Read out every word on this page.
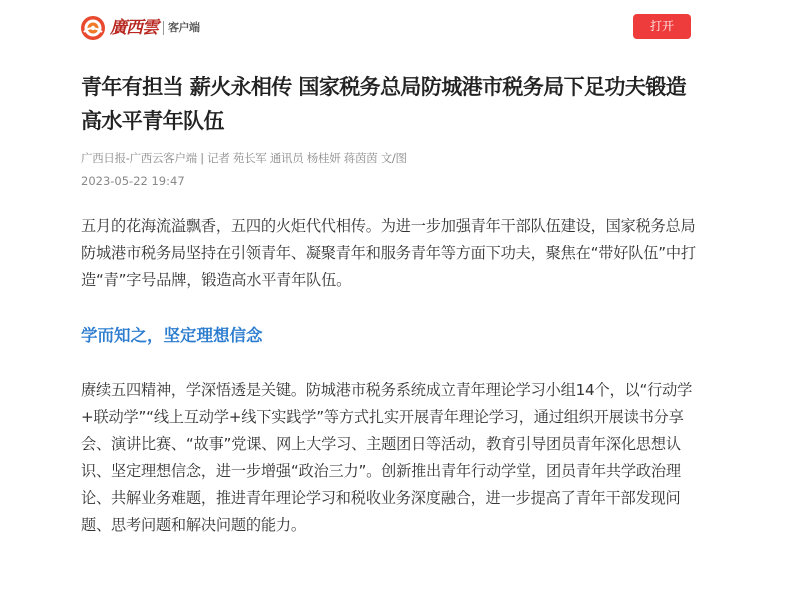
廣西雲 客户端	打开
青年有担当 薪火永相传 国家税务总局防城港市税务局下足功夫锻造高水平青年队伍
广西日报-广西云客户端 | 记者 苑长军 通讯员 杨桂妍 蒋茵茵 文/图
2023-05-22 19:47

五月的花海流溢飘香，五四的火炬代代相传。为进一步加强青年干部队伍建设，国家税务总局防城港市税务局坚持在引领青年、凝聚青年和服务青年等方面下功夫，聚焦在“带好队伍”中打造“青”字号品牌，锻造高水平青年队伍。

学而知之，坚定理想信念

赓续五四精神，学深悟透是关键。防城港市税务系统成立青年理论学习小组14个，以“行动学+联动学”“线上互动学+线下实践学”等方式扎实开展青年理论学习，通过组织开展读书分享会、演讲比赛、“故事”党课、网上大学习、主题团日等活动，教育引导团员青年深化思想认识、坚定理想信念，进一步增强“政治三力”。创新推出青年行动学堂，团员青年共学政治理论、共解业务难题，推进青年理论学习和税收业务深度融合，进一步提高了青年干部发现问题、思考问题和解决问题的能力。
